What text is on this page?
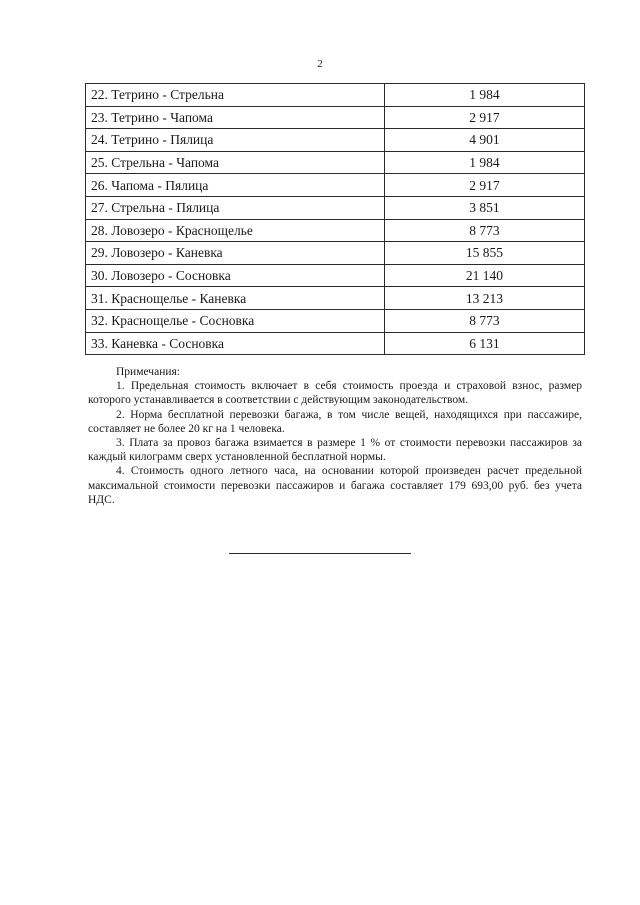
2
22. Тетрино - Стрельна	1 984
23. Тетрино - Чапома	2 917
24. Тетрино - Пялица	4 901
25. Стрельна - Чапома	1 984
26. Чапома - Пялица	2 917
27. Стрельна - Пялица	3 851
28. Ловозеро - Краснощелье	8 773
29. Ловозеро - Каневка	15 855
30. Ловозеро - Сосновка	21 140
31. Краснощелье - Каневка	13 213
32. Краснощелье - Сосновка	8 773
33. Каневка - Сосновка	6 131
Примечания:
1. Предельная стоимость включает в себя стоимость проезда и страховой взнос, размер которого устанавливается в соответствии с действующим законодательством.
2. Норма бесплатной перевозки багажа, в том числе вещей, находящихся при пассажире, составляет не более 20 кг на 1 человека.
3. Плата за провоз багажа взимается в размере 1 % от стоимости перевозки пассажиров за каждый килограмм сверх установленной бесплатной нормы.
4. Стоимость одного летного часа, на основании которой произведен расчет предельной максимальной стоимости перевозки пассажиров и багажа составляет 179 693,00 руб. без учета НДС.
